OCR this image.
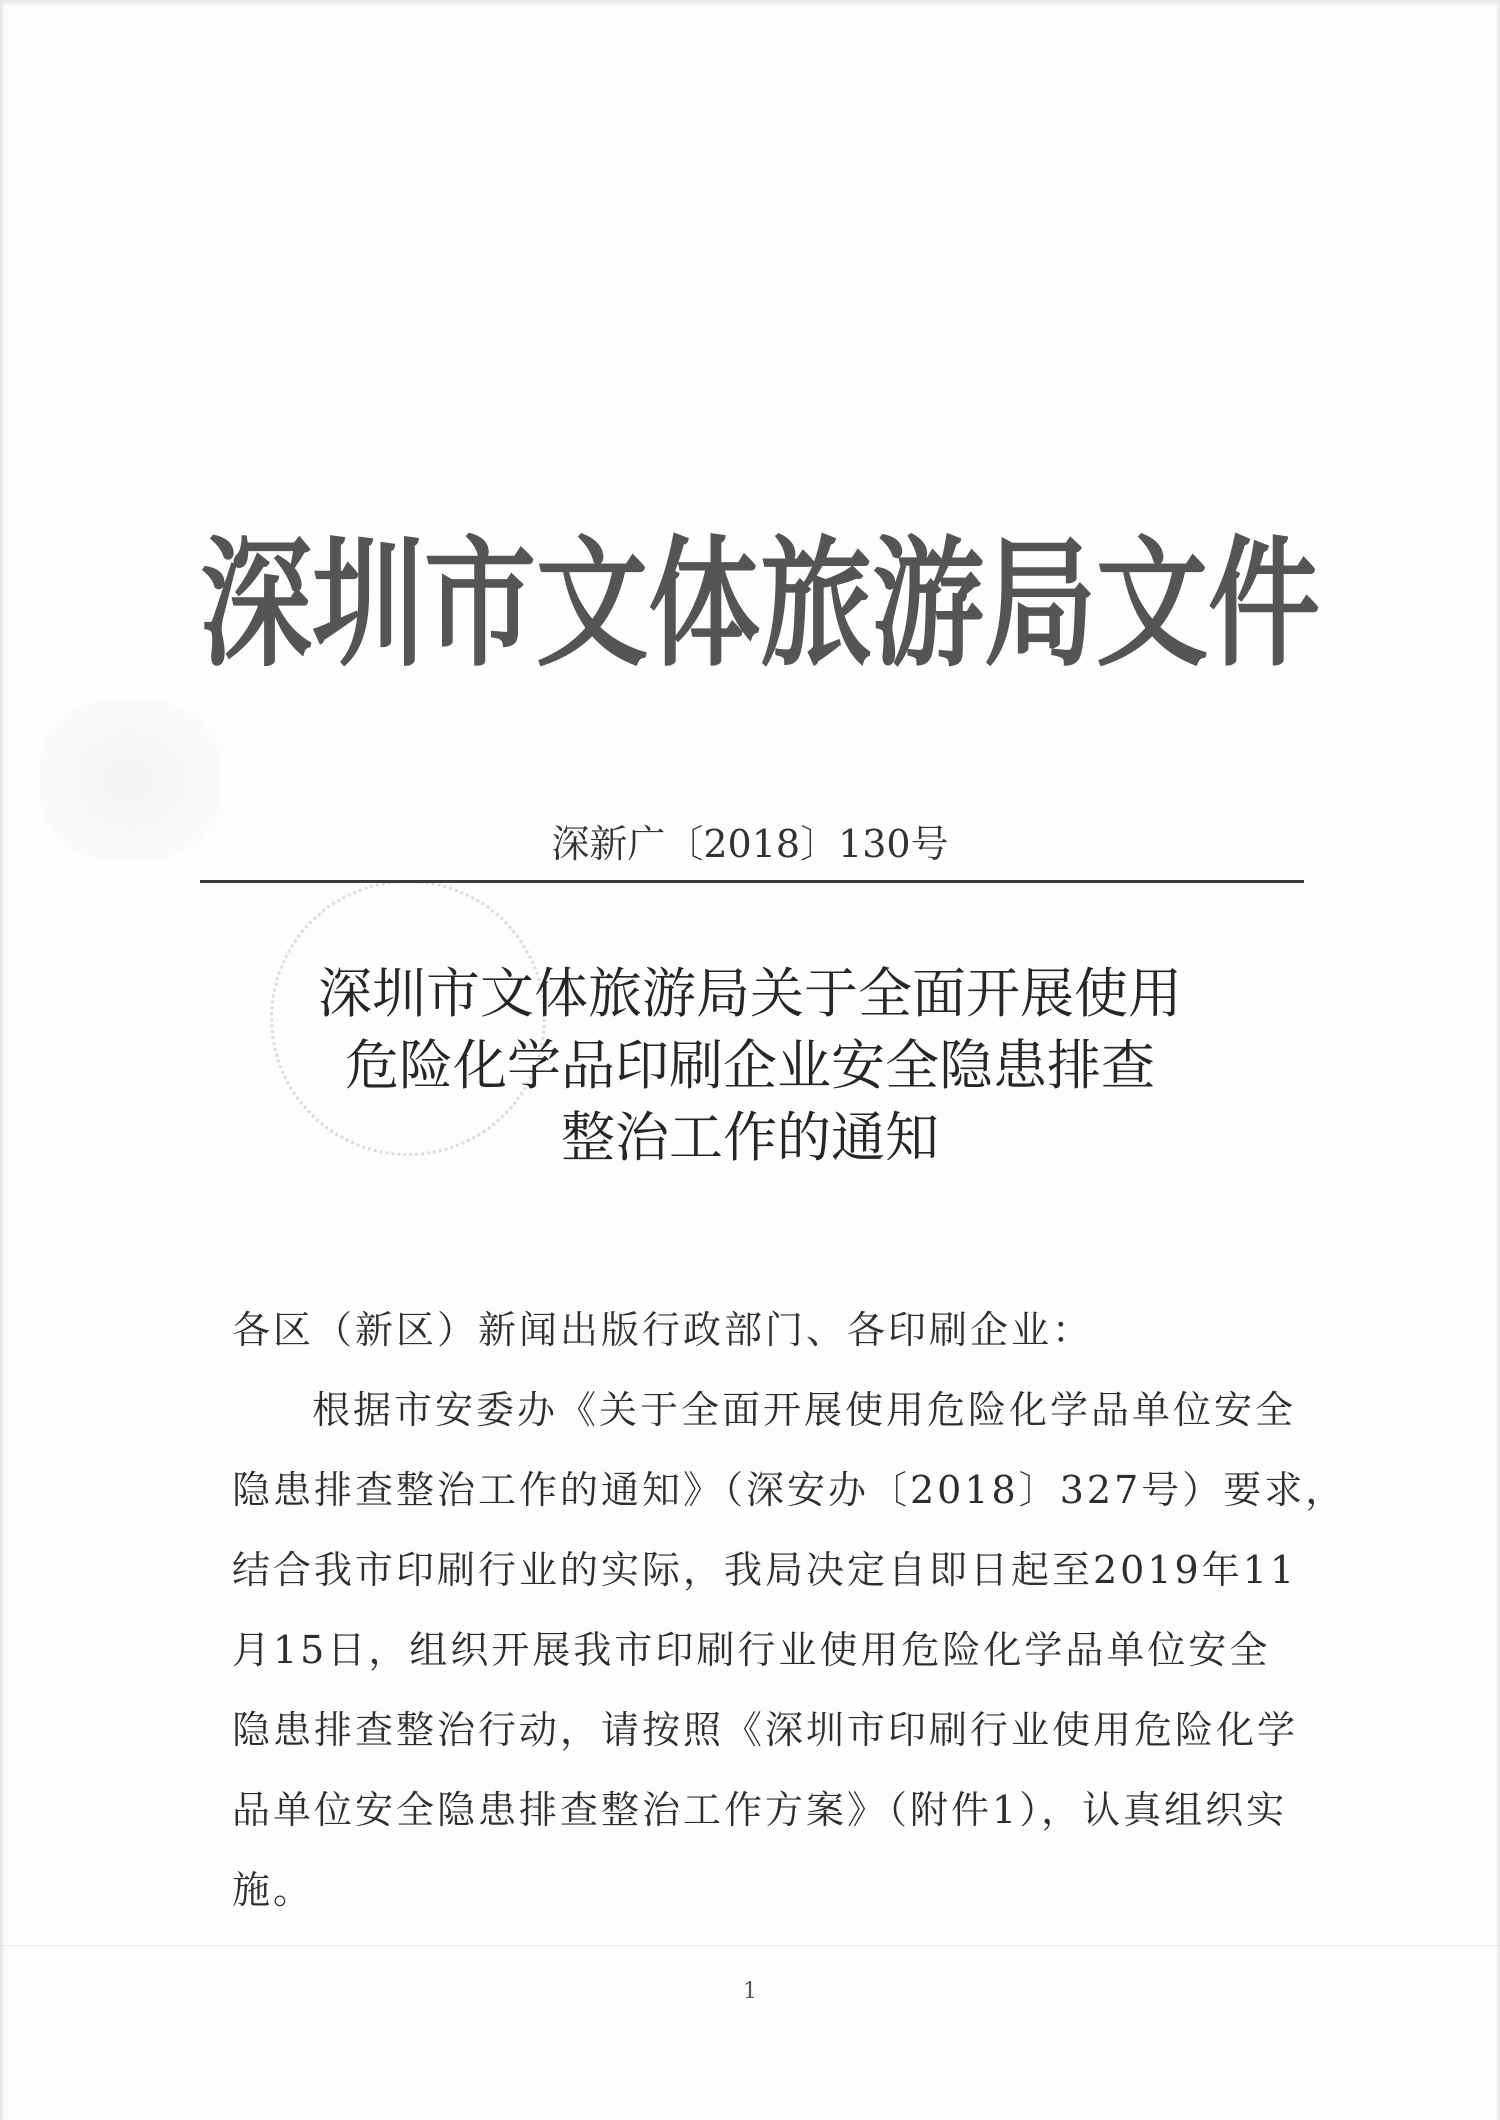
深圳市文体旅游局文件
深新广〔2018〕130号
深圳市文体旅游局关于全面开展使用
危险化学品印刷企业安全隐患排查
整治工作的通知
各区（新区）新闻出版行政部门、各印刷企业：
根据市安委办《关于全面开展使用危险化学品单位安全
隐患排查整治工作的通知》（深安办〔2018〕327号）要求，
结合我市印刷行业的实际，我局决定自即日起至2019年11
月15日，组织开展我市印刷行业使用危险化学品单位安全
隐患排查整治行动，请按照《深圳市印刷行业使用危险化学
品单位安全隐患排查整治工作方案》（附件1），认真组织实
施。
1
